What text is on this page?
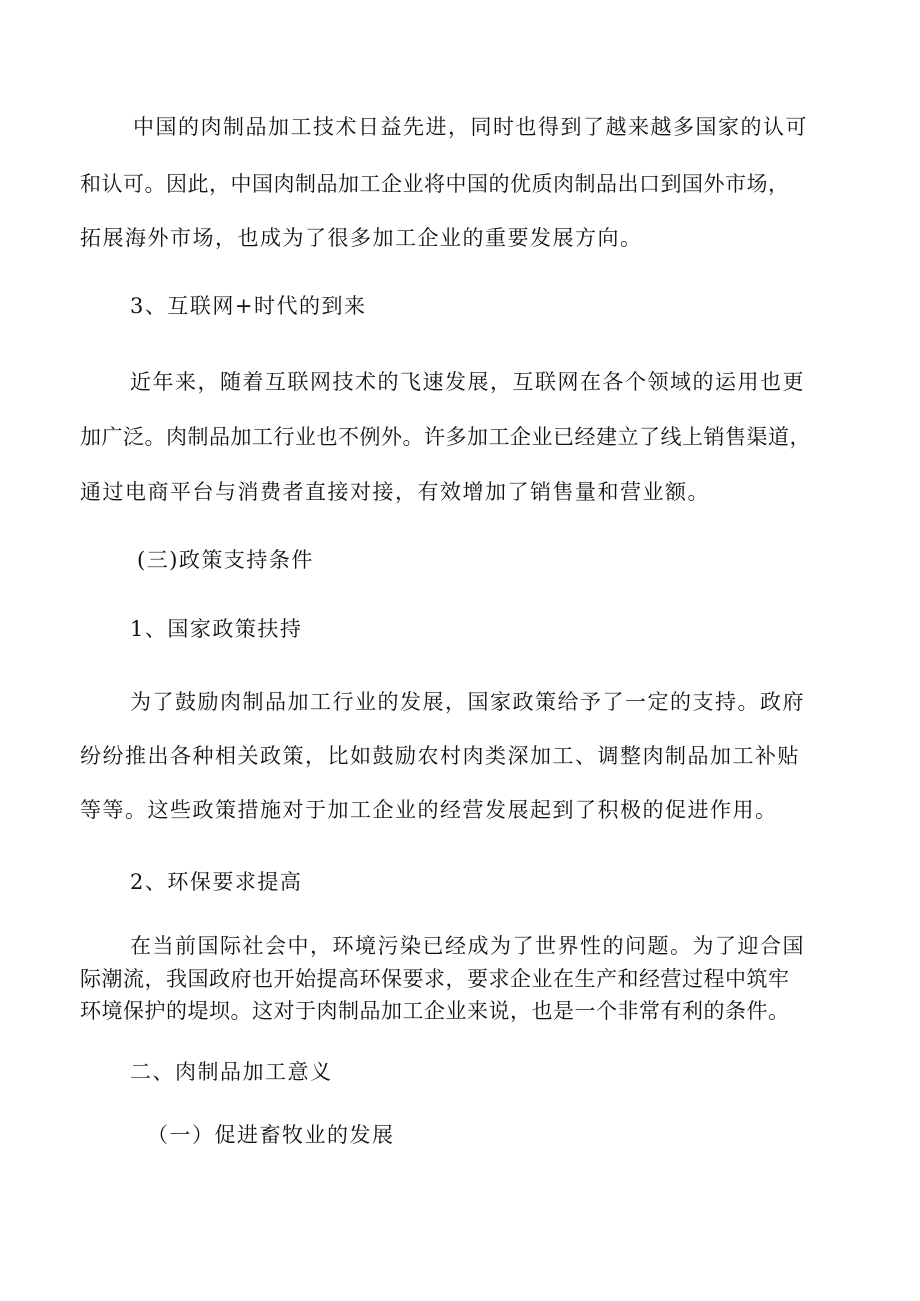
中国的肉制品加工技术日益先进，同时也得到了越来越多国家的认可
和认可。因此，中国肉制品加工企业将中国的优质肉制品出口到国外市场，
拓展海外市场，也成为了很多加工企业的重要发展方向。
3、互联网+时代的到来
近年来，随着互联网技术的飞速发展，互联网在各个领域的运用也更
加广泛。肉制品加工行业也不例外。许多加工企业已经建立了线上销售渠道，
通过电商平台与消费者直接对接，有效增加了销售量和营业额。
(三)政策支持条件
1、国家政策扶持
为了鼓励肉制品加工行业的发展，国家政策给予了一定的支持。政府
纷纷推出各种相关政策，比如鼓励农村肉类深加工、调整肉制品加工补贴
等等。这些政策措施对于加工企业的经营发展起到了积极的促进作用。
2、环保要求提高
在当前国际社会中，环境污染已经成为了世界性的问题。为了迎合国
际潮流，我国政府也开始提高环保要求，要求企业在生产和经营过程中筑牢
环境保护的堤坝。这对于肉制品加工企业来说，也是一个非常有利的条件。
二、肉制品加工意义
（一）促进畜牧业的发展
